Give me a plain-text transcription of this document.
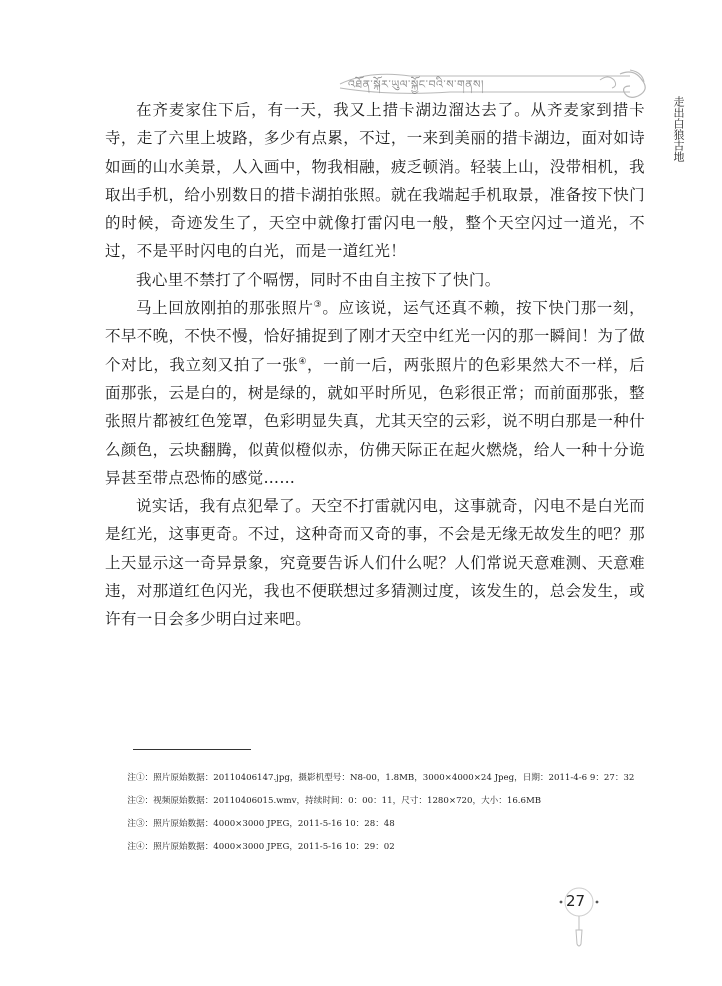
འཐོན་སྐོར་ཡུལ་སྐྱོང་བའི་ས་གནས།
走出白狼古地

在齐麦家住下后，有一天，我又上措卡湖边溜达去了。从齐麦家到措卡寺，走了六里上坡路，多少有点累，不过，一来到美丽的措卡湖边，面对如诗如画的山水美景，人入画中，物我相融，疲乏顿消。轻装上山，没带相机，我取出手机，给小别数日的措卡湖拍张照。就在我端起手机取景，准备按下快门的时候，奇迹发生了，天空中就像打雷闪电一般，整个天空闪过一道光，不过，不是平时闪电的白光，而是一道红光！

我心里不禁打了个嗝愣，同时不由自主按下了快门。

马上回放刚拍的那张照片③。应该说，运气还真不赖，按下快门那一刻，不早不晚，不快不慢，恰好捕捉到了刚才天空中红光一闪的那一瞬间！为了做个对比，我立刻又拍了一张④，一前一后，两张照片的色彩果然大不一样，后面那张，云是白的，树是绿的，就如平时所见，色彩很正常；而前面那张，整张照片都被红色笼罩，色彩明显失真，尤其天空的云彩，说不明白那是一种什么颜色，云块翻腾，似黄似橙似赤，仿佛天际正在起火燃烧，给人一种十分诡异甚至带点恐怖的感觉……

说实话，我有点犯晕了。天空不打雷就闪电，这事就奇，闪电不是白光而是红光，这事更奇。不过，这种奇而又奇的事，不会是无缘无故发生的吧？那上天显示这一奇异景象，究竟要告诉人们什么呢？人们常说天意难测、天意难违，对那道红色闪光，我也不便联想过多猜测过度，该发生的，总会发生，或许有一日会多少明白过来吧。

注①：照片原始数据：20110406147.jpg，摄影机型号：N8-00，1.8MB，3000×4000×24 Jpeg，日期：2011-4-6 9：27：32

注②：视频原始数据：20110406015.wmv，持续时间：0：00：11，尺寸：1280×720，大小：16.6MB

注③：照片原始数据：4000×3000 JPEG，2011-5-16 10：28：48

注④：照片原始数据：4000×3000 JPEG，2011-5-16 10：29：02

27
